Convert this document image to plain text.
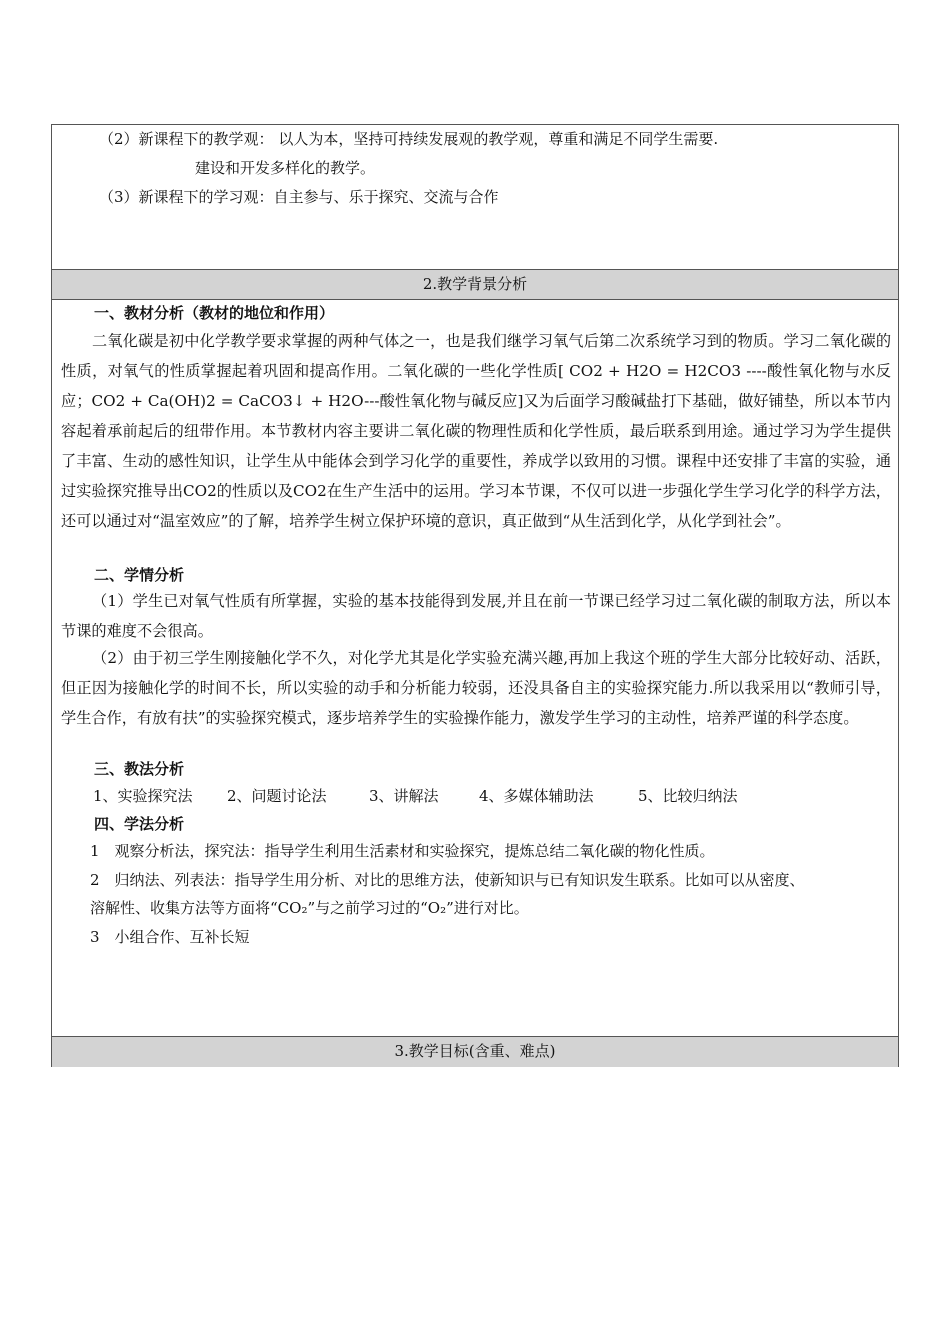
（2）新课程下的教学观： 以人为本，坚持可持续发展观的教学观，尊重和满足不同学生需要.
建设和开发多样化的教学。
（3）新课程下的学习观：自主参与、乐于探究、交流与合作
2.教学背景分析
一、教材分析（教材的地位和作用）

二氧化碳是初中化学教学要求掌握的两种气体之一，也是我们继学习氧气后第二次系统学习到的物质。学习二氧化碳的性质，对氧气的性质掌握起着巩固和提高作用。二氧化碳的一些化学性质[ CO2 + H2O = H2CO3 ----酸性氧化物与水反应；CO2 + Ca(OH)2 = CaCO3↓ + H2O---酸性氧化物与碱反应]又为后面学习酸碱盐打下基础，做好铺垫，所以本节内容起着承前起后的纽带作用。本节教材内容主要讲二氧化碳的物理性质和化学性质，最后联系到用途。通过学习为学生提供了丰富、生动的感性知识，让学生从中能体会到学习化学的重要性，养成学以致用的习惯。课程中还安排了丰富的实验，通过实验探究推导出CO2的性质以及CO2在生产生活中的运用。学习本节课，不仅可以进一步强化学生学习化学的科学方法，还可以通过对“温室效应”的了解，培养学生树立保护环境的意识，真正做到“从生活到化学，从化学到社会”。

二、学情分析

（1）学生已对氧气性质有所掌握，实验的基本技能得到发展,并且在前一节课已经学习过二氧化碳的制取方法，所以本节课的难度不会很高。

（2）由于初三学生刚接触化学不久，对化学尤其是化学实验充满兴趣,再加上我这个班的学生大部分比较好动、活跃，但正因为接触化学的时间不长，所以实验的动手和分析能力较弱，还没具备自主的实验探究能力.所以我采用以“教师引导，学生合作，有放有扶”的实验探究模式，逐步培养学生的实验操作能力，激发学生学习的主动性，培养严谨的科学态度。

三、教法分析
1、实验探究法 2、问题讨论法	3、讲解法	4、多媒体辅助法	5、比较归纳法
四、学法分析
1　观察分析法，探究法：指导学生利用生活素材和实验探究，提炼总结二氧化碳的物化性质。
2　归纳法、列表法：指导学生用分析、对比的思维方法，使新知识与已有知识发生联系。比如可以从密度、
溶解性、收集方法等方面将“CO₂”与之前学习过的“O₂”进行对比。
3　小组合作、互补长短
3.教学目标(含重、难点)
